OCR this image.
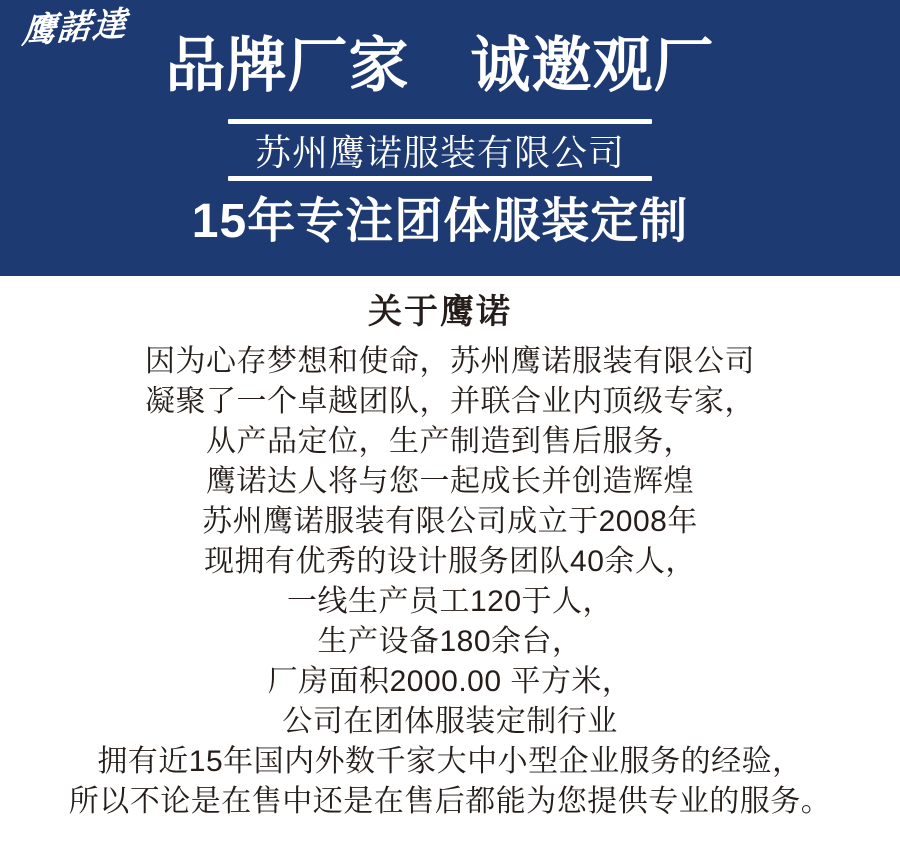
鹰諾達
品牌厂家　诚邀观厂
苏州鹰诺服装有限公司
15年专注团体服装定制
关于鹰诺

因为心存梦想和使命，苏州鹰诺服装有限公司

凝聚了一个卓越团队，并联合业内顶级专家，

从产品定位，生产制造到售后服务，

鹰诺达人将与您一起成长并创造辉煌

苏州鹰诺服装有限公司成立于2008年

现拥有优秀的设计服务团队40余人，

一线生产员工120于人，

生产设备180余台，

厂房面积2000.00 平方米，

公司在团体服装定制行业

拥有近15年国内外数千家大中小型企业服务的经验，

所以不论是在售中还是在售后都能为您提供专业的服务。
